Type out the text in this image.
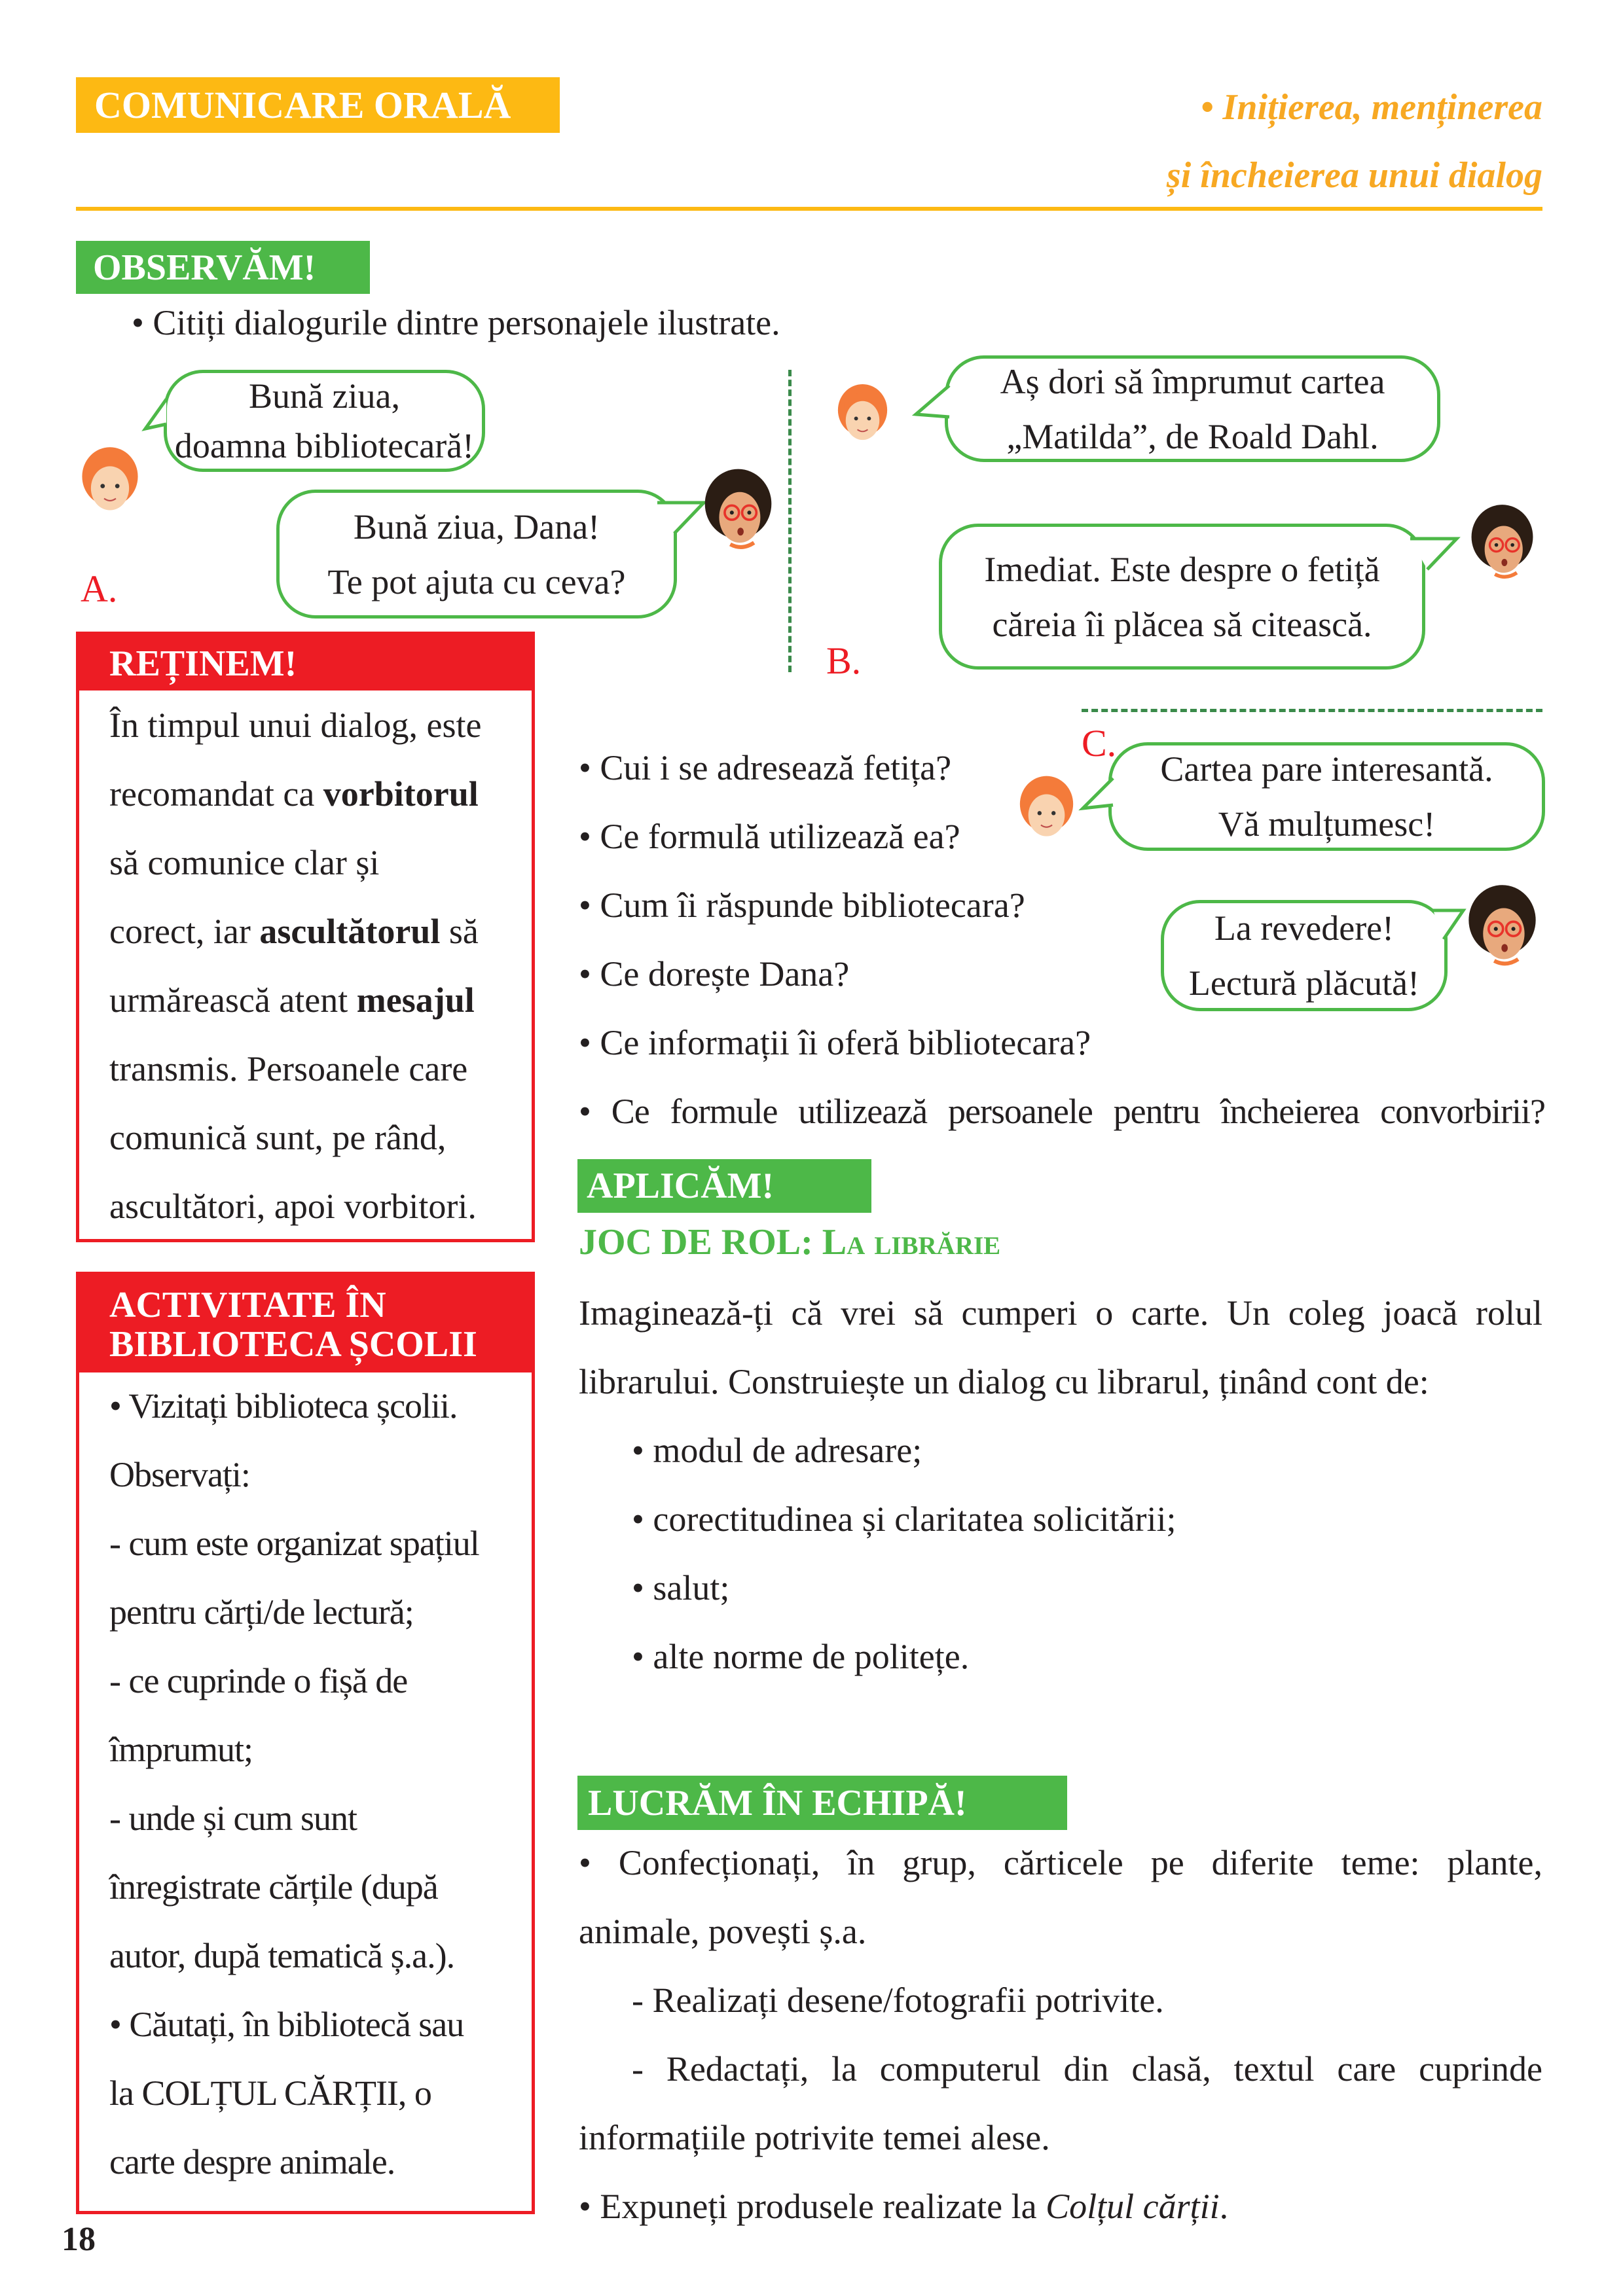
COMUNICARE ORALĂ	• Inițierea, menținerea
și încheierea unui dialog
OBSERVĂM!
• Citiți dialogurile dintre personajele ilustrate.
Bună ziua,
doamna bibliotecară!
Bună ziua, Dana!
Te pot ajuta cu ceva?
A.
Aș dori să împrumut cartea
„Matilda”, de Roald Dahl.
Imediat. Este despre o fetiță
căreia îi plăcea să citească.
B.
C.
Cartea pare interesantă.
Vă mulțumesc!
La revedere!
Lectură plăcută!
• Cui i se adresează fetița?
• Ce formulă utilizează ea?
• Cum îi răspunde bibliotecara?
• Ce dorește Dana?
• Ce informații îi oferă bibliotecara?
• Ce formule utilizează persoanele pentru încheierea convorbirii?
REȚINEM!
În timpul unui dialog, este
recomandat ca vorbitorul
să comunice clar și
corect, iar ascultătorul să
urmărească atent mesajul
transmis. Persoanele care
comunică sunt, pe rând,
ascultători, apoi vorbitori.
ACTIVITATE ÎN
BIBLIOTECA ȘCOLII
• Vizitați biblioteca școlii.
Observați:
- cum este organizat spațiul
pentru cărți/de lectură;
- ce cuprinde o fișă de
împrumut;
- unde și cum sunt
înregistrate cărțile (după
autor, după tematică ș.a.).
• Căutați, în bibliotecă sau
la COLȚUL CĂRȚII, o
carte despre animale.
APLICĂM!
JOC DE ROL: La librărie
Imaginează-ți că vrei să cumperi o carte. Un coleg joacă rolul
librarului. Construiește un dialog cu librarul, ținând cont de:
• modul de adresare;
• corectitudinea și claritatea solicitării;
• salut;
• alte norme de politețe.
LUCRĂM ÎN ECHIPĂ!
• Confecționați, în grup, cărticele pe diferite teme: plante,
animale, povești ș.a.
- Realizați desene/fotografii potrivite.
- Redactați, la computerul din clasă, textul care cuprinde
informațiile potrivite temei alese.
• Expuneți produsele realizate la Colțul cărții.
18
